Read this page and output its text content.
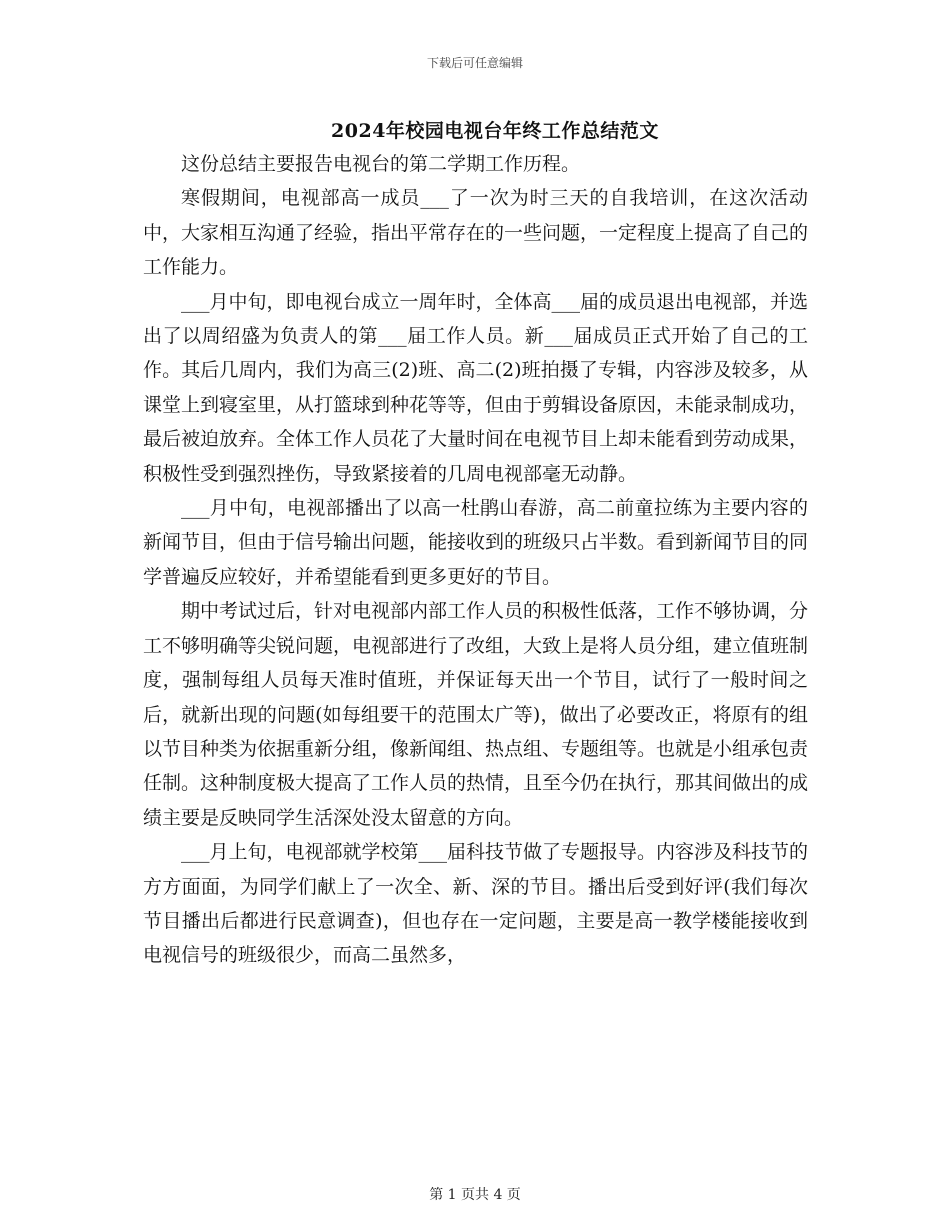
下载后可任意编辑
2024年校园电视台年终工作总结范文

这份总结主要报告电视台的第二学期工作历程。

寒假期间，电视部高一成员___了一次为时三天的自我培训，在这次活动中，大家相互沟通了经验，指出平常存在的一些问题，一定程度上提高了自己的工作能力。

___月中旬，即电视台成立一周年时，全体高___届的成员退出电视部，并选出了以周绍盛为负责人的第___届工作人员。新___届成员正式开始了自己的工作。其后几周内，我们为高三(2)班、高二(2)班拍摄了专辑，内容涉及较多，从课堂上到寝室里，从打篮球到种花等等，但由于剪辑设备原因，未能录制成功，最后被迫放弃。全体工作人员花了大量时间在电视节目上却未能看到劳动成果，积极性受到强烈挫伤，导致紧接着的几周电视部毫无动静。

___月中旬，电视部播出了以高一杜鹃山春游，高二前童拉练为主要内容的新闻节目，但由于信号输出问题，能接收到的班级只占半数。看到新闻节目的同学普遍反应较好，并希望能看到更多更好的节目。

期中考试过后，针对电视部内部工作人员的积极性低落，工作不够协调，分工不够明确等尖锐问题，电视部进行了改组，大致上是将人员分组，建立值班制度，强制每组人员每天准时值班，并保证每天出一个节目，试行了一般时间之后，就新出现的问题(如每组要干的范围太广等)，做出了必要改正，将原有的组以节目种类为依据重新分组，像新闻组、热点组、专题组等。也就是小组承包责任制。这种制度极大提高了工作人员的热情，且至今仍在执行，那其间做出的成绩主要是反映同学生活深处没太留意的方向。

___月上旬，电视部就学校第___届科技节做了专题报导。内容涉及科技节的方方面面，为同学们献上了一次全、新、深的节目。播出后受到好评(我们每次节目播出后都进行民意调查)，但也存在一定问题，主要是高一教学楼能接收到电视信号的班级很少，而高二虽然多，

第 1 页共 4 页
